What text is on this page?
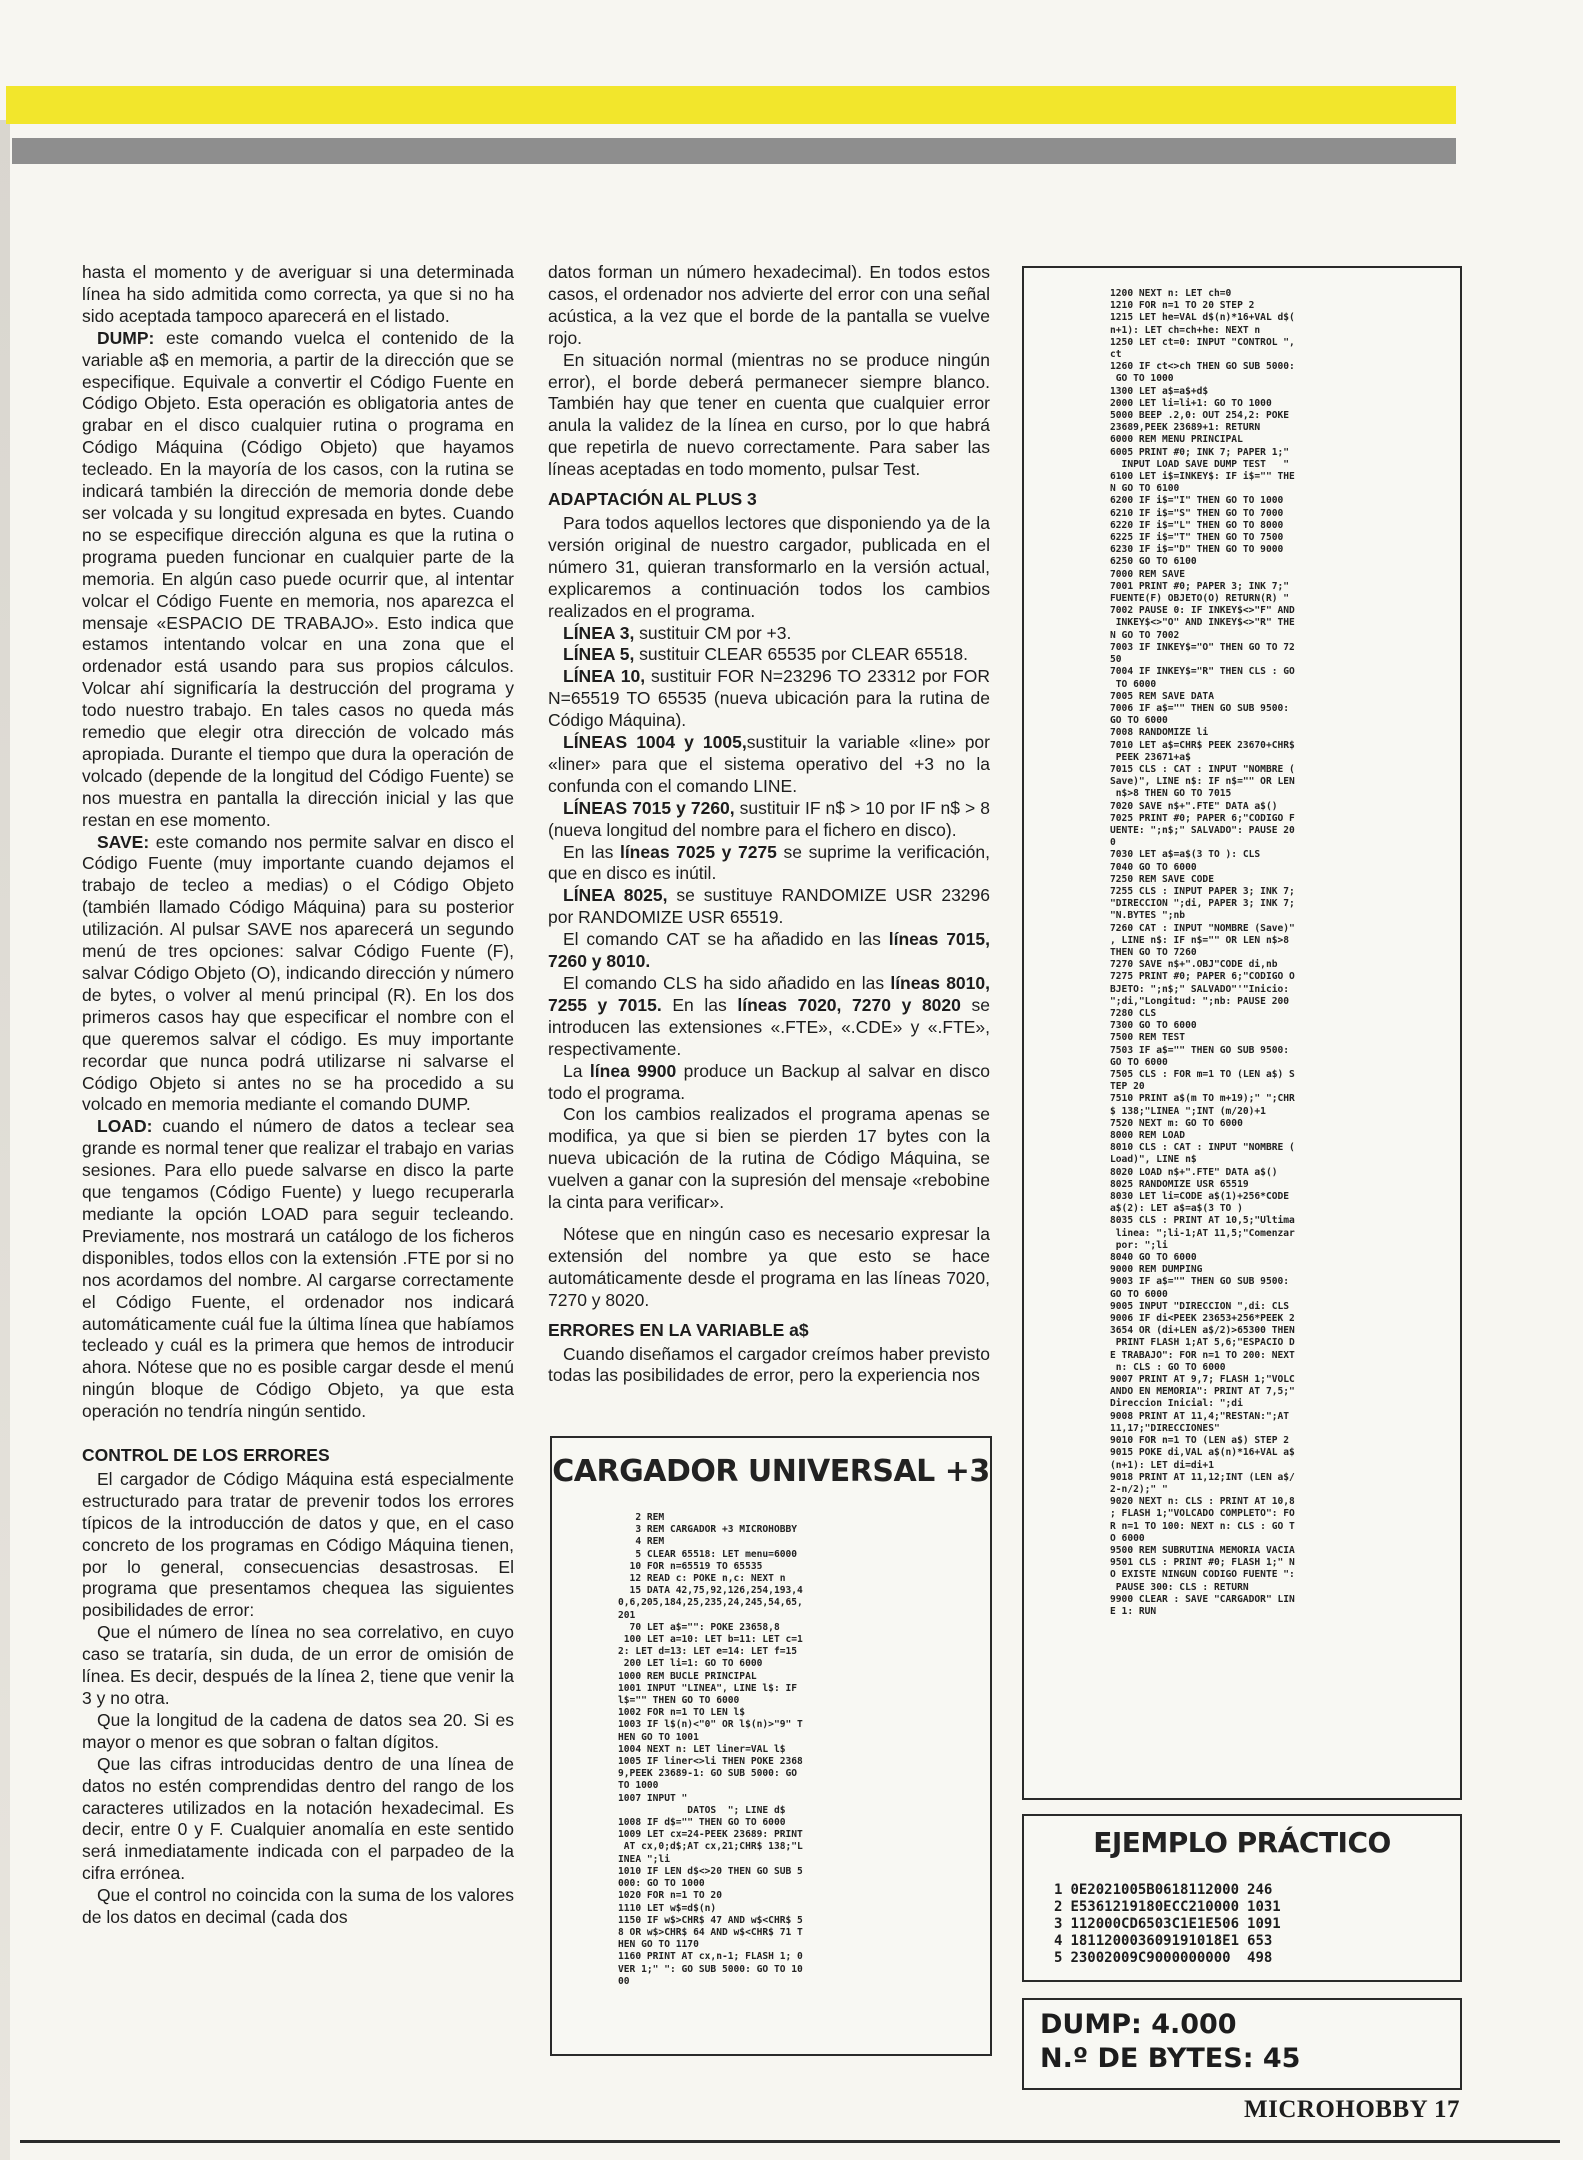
hasta el momento y de averiguar si una determinada línea ha sido admitida como correcta, ya que si no ha sido aceptada tampoco aparecerá en el listado.

DUMP: este comando vuelca el contenido de la variable a$ en memoria, a partir de la dirección que se especifique. Equivale a convertir el Código Fuente en Código Objeto. Esta operación es obligatoria antes de grabar en el disco cualquier rutina o programa en Código Máquina (Código Objeto) que hayamos tecleado. En la mayoría de los casos, con la rutina se indicará también la dirección de memoria donde debe ser volcada y su longitud expresada en bytes. Cuando no se especifique dirección alguna es que la rutina o programa pueden funcionar en cualquier parte de la memoria. En algún caso puede ocurrir que, al intentar volcar el Código Fuente en memoria, nos aparezca el mensaje «ESPACIO DE TRABAJO». Esto indica que estamos intentando volcar en una zona que el ordenador está usando para sus propios cálculos. Volcar ahí significaría la destrucción del programa y todo nuestro trabajo. En tales casos no queda más remedio que elegir otra dirección de volcado más apropiada. Durante el tiempo que dura la operación de volcado (depende de la longitud del Código Fuente) se nos muestra en pantalla la dirección inicial y las que restan en ese momento.

SAVE: este comando nos permite salvar en disco el Código Fuente (muy importante cuando dejamos el trabajo de tecleo a medias) o el Código Objeto (también llamado Código Máquina) para su posterior utilización. Al pulsar SAVE nos aparecerá un segundo menú de tres opciones: salvar Código Fuente (F), salvar Código Objeto (O), indicando dirección y número de bytes, o volver al menú principal (R). En los dos primeros casos hay que especificar el nombre con el que queremos salvar el código. Es muy importante recordar que nunca podrá utilizarse ni salvarse el Código Objeto si antes no se ha procedido a su volcado en memoria mediante el comando DUMP.

LOAD: cuando el número de datos a teclear sea grande es normal tener que realizar el trabajo en varias sesiones. Para ello puede salvarse en disco la parte que tengamos (Código Fuente) y luego recuperarla mediante la opción LOAD para seguir tecleando. Previamente, nos mostrará un catálogo de los ficheros disponibles, todos ellos con la extensión .FTE por si no nos acordamos del nombre. Al cargarse correctamente el Código Fuente, el ordenador nos indicará automáticamente cuál fue la última línea que habíamos tecleado y cuál es la primera que hemos de introducir ahora. Nótese que no es posible cargar desde el menú ningún bloque de Código Objeto, ya que esta operación no tendría ningún sentido.

CONTROL DE LOS ERRORES

El cargador de Código Máquina está especialmente estructurado para tratar de prevenir todos los errores típicos de la introducción de datos y que, en el caso concreto de los programas en Código Máquina tienen, por lo general, consecuencias desastrosas. El programa que presentamos chequea las siguientes posibilidades de error:

Que el número de línea no sea correlativo, en cuyo caso se trataría, sin duda, de un error de omisión de línea. Es decir, después de la línea 2, tiene que venir la 3 y no otra.

Que la longitud de la cadena de datos sea 20. Si es mayor o menor es que sobran o faltan dígitos.

Que las cifras introducidas dentro de una línea de datos no estén comprendidas dentro del rango de los caracteres utilizados en la notación hexadecimal. Es decir, entre 0 y F. Cualquier anomalía en este sentido será inmediatamente indicada con el parpadeo de la cifra errónea.

Que el control no coincida con la suma de los valores de los datos en decimal (cada dos

datos forman un número hexadecimal). En todos estos casos, el ordenador nos advierte del error con una señal acústica, a la vez que el borde de la pantalla se vuelve rojo.

En situación normal (mientras no se produce ningún error), el borde deberá permanecer siempre blanco. También hay que tener en cuenta que cualquier error anula la validez de la línea en curso, por lo que habrá que repetirla de nuevo correctamente. Para saber las líneas aceptadas en todo momento, pulsar Test.

ADAPTACIÓN AL PLUS 3

Para todos aquellos lectores que disponiendo ya de la versión original de nuestro cargador, publicada en el número 31, quieran transformarlo en la versión actual, explicaremos a continuación todos los cambios realizados en el programa.

LÍNEA 3, sustituir CM por +3.

LÍNEA 5, sustituir CLEAR 65535 por CLEAR 65518.

LÍNEA 10, sustituir FOR N=23296 TO 23312 por FOR N=65519 TO 65535 (nueva ubicación para la rutina de Código Máquina).

LÍNEAS 1004 y 1005,sustituir la variable «line» por «liner» para que el sistema operativo del +3 no la confunda con el comando LINE.

LÍNEAS 7015 y 7260, sustituir IF n$ > 10 por IF n$ > 8 (nueva longitud del nombre para el fichero en disco).

En las líneas 7025 y 7275 se suprime la verificación, que en disco es inútil.

LÍNEA 8025, se sustituye RANDOMIZE USR 23296 por RANDOMIZE USR 65519.

El comando CAT se ha añadido en las líneas 7015, 7260 y 8010.

El comando CLS ha sido añadido en las líneas 8010, 7255 y 7015. En las líneas 7020, 7270 y 8020 se introducen las extensiones «.FTE», «.CDE» y «.FTE», respectivamente.

La línea 9900 produce un Backup al salvar en disco todo el programa.

Con los cambios realizados el programa apenas se modifica, ya que si bien se pierden 17 bytes con la nueva ubicación de la rutina de Código Máquina, se vuelven a ganar con la supresión del mensaje «rebobine la cinta para verificar».

Nótese que en ningún caso es necesario expresar la extensión del nombre ya que esto se hace automáticamente desde el programa en las líneas 7020, 7270 y 8020.

ERRORES EN LA VARIABLE a$

Cuando diseñamos el cargador creímos haber previsto todas las posibilidades de error, pero la experiencia nos

1200 NEXT n: LET ch=0
1210 FOR n=1 TO 20 STEP 2
1215 LET he=VAL d$(n)*16+VAL d$(
n+1): LET ch=ch+he: NEXT n
1250 LET ct=0: INPUT "CONTROL ",
ct
1260 IF ct<>ch THEN GO SUB 5000:
GO TO 1000
1300 LET a$=a$+d$
2000 LET li=li+1: GO TO 1000
5000 BEEP .2,0: OUT 254,2: POKE
23689,PEEK 23689+1: RETURN
6000 REM MENU PRINCIPAL
6005 PRINT #0; INK 7; PAPER 1;"
INPUT LOAD SAVE DUMP TEST   "
6100 LET i$=INKEY$: IF i$="" THE
N GO TO 6100
6200 IF i$="I" THEN GO TO 1000
6210 IF i$="S" THEN GO TO 7000
6220 IF i$="L" THEN GO TO 8000
6225 IF i$="T" THEN GO TO 7500
6230 IF i$="D" THEN GO TO 9000
6250 GO TO 6100
7000 REM SAVE
7001 PRINT #0; PAPER 3; INK 7;"
FUENTE(F) OBJETO(O) RETURN(R) "
7002 PAUSE 0: IF INKEY$<>"F" AND
INKEY$<>"O" AND INKEY$<>"R" THE
N GO TO 7002
7003 IF INKEY$="O" THEN GO TO 72
50
7004 IF INKEY$="R" THEN CLS : GO
TO 6000
7005 REM SAVE DATA
7006 IF a$="" THEN GO SUB 9500:
GO TO 6000
7008 RANDOMIZE li
7010 LET a$=CHR$ PEEK 23670+CHR$
PEEK 23671+a$
7015 CLS : CAT : INPUT "NOMBRE (
Save)", LINE n$: IF n$="" OR LEN
n$>8 THEN GO TO 7015
7020 SAVE n$+".FTE" DATA a$()
7025 PRINT #0; PAPER 6;"CODIGO F
UENTE: ";n$;" SALVADO": PAUSE 20
0
7030 LET a$=a$(3 TO ): CLS
7040 GO TO 6000
7250 REM SAVE CODE
7255 CLS : INPUT PAPER 3; INK 7;
"DIRECCION ";di, PAPER 3; INK 7;
"N.BYTES ";nb
7260 CAT : INPUT "NOMBRE (Save)"
, LINE n$: IF n$="" OR LEN n$>8
THEN GO TO 7260
7270 SAVE n$+".OBJ"CODE di,nb
7275 PRINT #0; PAPER 6;"CODIGO O
BJETO: ";n$;" SALVADO"'"Inicio:
";di,"Longitud: ";nb: PAUSE 200
7280 CLS
7300 GO TO 6000
7500 REM TEST
7503 IF a$="" THEN GO SUB 9500:
GO TO 6000
7505 CLS : FOR m=1 TO (LEN a$) S
TEP 20
7510 PRINT a$(m TO m+19);" ";CHR
$ 138;"LINEA ";INT (m/20)+1
7520 NEXT m: GO TO 6000
8000 REM LOAD
8010 CLS : CAT : INPUT "NOMBRE (
Load)", LINE n$
8020 LOAD n$+".FTE" DATA a$()
8025 RANDOMIZE USR 65519
8030 LET li=CODE a$(1)+256*CODE
a$(2): LET a$=a$(3 TO )
8035 CLS : PRINT AT 10,5;"Ultima
linea: ";li-1;AT 11,5;"Comenzar
por: ";li
8040 GO TO 6000
9000 REM DUMPING
9003 IF a$="" THEN GO SUB 9500:
GO TO 6000
9005 INPUT "DIRECCION ",di: CLS
9006 IF di<PEEK 23653+256*PEEK 2
3654 OR (di+LEN a$/2)>65300 THEN
PRINT FLASH 1;AT 5,6;"ESPACIO D
E TRABAJO": FOR n=1 TO 200: NEXT
n: CLS : GO TO 6000
9007 PRINT AT 9,7; FLASH 1;"VOLC
ANDO EN MEMORIA": PRINT AT 7,5;"
Direccion Inicial: ";di
9008 PRINT AT 11,4;"RESTAN:";AT
11,17;"DIRECCIONES"
9010 FOR n=1 TO (LEN a$) STEP 2
9015 POKE di,VAL a$(n)*16+VAL a$
(n+1): LET di=di+1
9018 PRINT AT 11,12;INT (LEN a$/
2-n/2);" "
9020 NEXT n: CLS : PRINT AT 10,8
; FLASH 1;"VOLCADO COMPLETO": FO
R n=1 TO 100: NEXT n: CLS : GO T
O 6000
9500 REM SUBRUTINA MEMORIA VACIA
9501 CLS : PRINT #0; FLASH 1;" N
O EXISTE NINGUN CODIGO FUENTE ":
PAUSE 300: CLS : RETURN
9900 CLEAR : SAVE "CARGADOR" LIN
E 1: RUN
CARGADOR UNIVERSAL +3
2 REM
3 REM CARGADOR +3 MICROHOBBY
4 REM
5 CLEAR 65518: LET menu=6000
10 FOR n=65519 TO 65535
12 READ c: POKE n,c: NEXT n
15 DATA 42,75,92,126,254,193,4
0,6,205,184,25,235,24,245,54,65,
201
70 LET a$="": POKE 23658,8
100 LET a=10: LET b=11: LET c=1
2: LET d=13: LET e=14: LET f=15
200 LET li=1: GO TO 6000
1000 REM BUCLE PRINCIPAL
1001 INPUT "LINEA", LINE l$: IF
l$="" THEN GO TO 6000
1002 FOR n=1 TO LEN l$
1003 IF l$(n)<"0" OR l$(n)>"9" T
HEN GO TO 1001
1004 NEXT n: LET liner=VAL l$
1005 IF liner<>li THEN POKE 2368
9,PEEK 23689-1: GO SUB 5000: GO
TO 1000
1007 INPUT "
DATOS  "; LINE d$
1008 IF d$="" THEN GO TO 6000
1009 LET cx=24-PEEK 23689: PRINT
AT cx,0;d$;AT cx,21;CHR$ 138;"L
INEA ";li
1010 IF LEN d$<>20 THEN GO SUB 5
000: GO TO 1000
1020 FOR n=1 TO 20
1110 LET w$=d$(n)
1150 IF w$>CHR$ 47 AND w$<CHR$ 5
8 OR w$>CHR$ 64 AND w$<CHR$ 71 T
HEN GO TO 1170
1160 PRINT AT cx,n-1; FLASH 1; 0
VER 1;" ": GO SUB 5000: GO TO 10
00
EJEMPLO PRÁCTICO
1	0E2021005B0618112000	246
2	E5361219180ECC210000	1031
3	112000CD6503C1E1E506	1091
4	181120003609191018E1	653
5	23002009C9000000000	498
DUMP: 4.000
N.º DE BYTES: 45
MICROHOBBY 17
